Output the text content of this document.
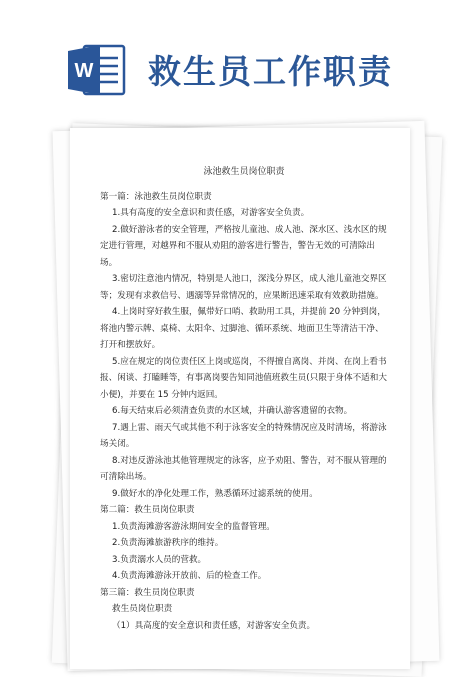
W 救生员工作职责
泳池救生员岗位职责
第一篇：泳池救生员岗位职责
1.具有高度的安全意识和责任感，对游客安全负责。
2.做好游泳者的安全管理，严格按儿童池、成人池、深水区、浅水区的规定进行管理，对越界和不服从劝阻的游客进行警告，警告无效的可清除出场。
3.密切注意池内情况，特别是人池口，深浅分界区，成人池儿童池交界区等；发现有求救信号、遇溺等异常情况的，应果断迅速采取有效救助措施。
4.上岗时穿好救生服，佩带好口哨、救助用工具，并提前 20 分钟到岗，将池内警示牌、桌椅、太阳伞、过脚池、循环系统、地面卫生等清洁干净、打开和摆放好。
5.应在规定的岗位责任区上岗或巡岗，不得擅自离岗、并岗、在岗上看书报、闲谈、打瞌睡等，有事离岗要告知同池值班救生员(只限于身体不适和大小便)，并要在 15 分钟内返回。
6.每天结束后必须清查负责的水区域，并确认游客遗留的衣物。
7.遇上雷、雨天气或其他不利于泳客安全的特殊情况应及时清场，将游泳场关闭。
8.对违反游泳池其他管理规定的泳客，应予劝阻、警告，对不服从管理的可清除出场。
9.做好水的净化处理工作，熟悉循环过滤系统的使用。
第二篇：救生员岗位职责
1.负责海滩游客游泳期间安全的监督管理。
2.负责海滩旅游秩序的维持。
3.负责溺水人员的营救。
4.负责海滩游泳开放前、后的检查工作。
第三篇：救生员岗位职责
救生员岗位职责
（1）具高度的安全意识和责任感，对游客安全负责。
